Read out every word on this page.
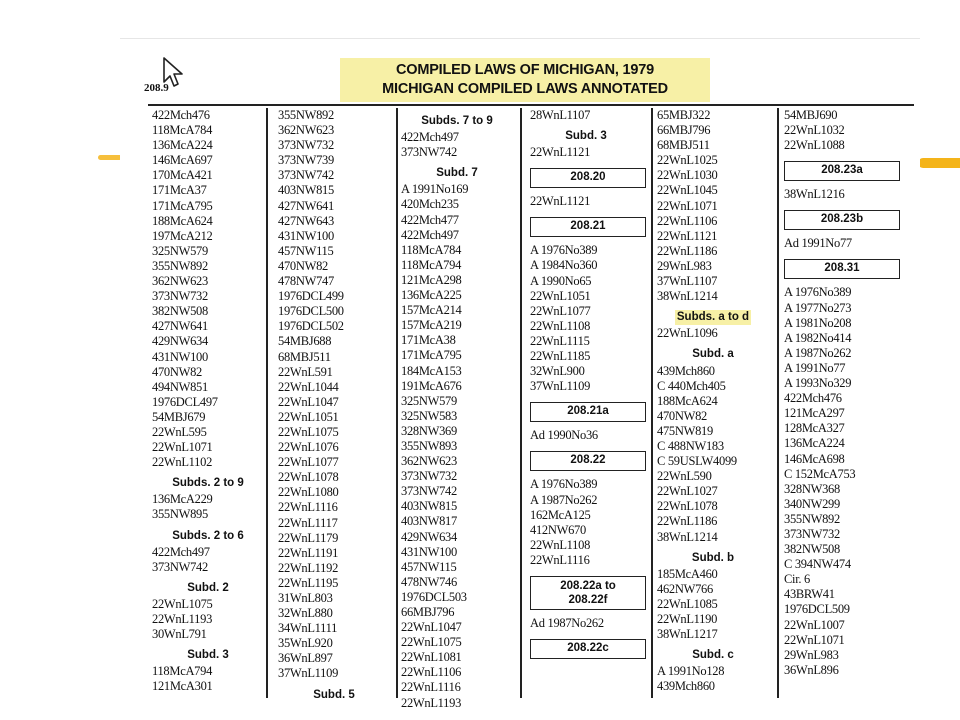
COMPILED LAWS OF MICHIGAN, 1979
MICHIGAN COMPILED LAWS ANNOTATED
208.9
422Mch476
118McA784
136McA224
146McA697
170McA421
171McA37
171McA795
188McA624
197McA212
325NW579
355NW892
362NW623
373NW732
382NW508
427NW641
429NW634
431NW100
470NW82
494NW851
1976DCL497
54MBJ679
22WnL595
22WnL1071
22WnL1102
Subds. 2 to 9
136McA229
355NW895
Subds. 2 to 6
422Mch497
373NW742
Subd. 2
22WnL1075
22WnL1193
30WnL791
Subd. 3
118McA794
121McA301
355NW892
362NW623
373NW732
373NW739
373NW742
403NW815
427NW641
427NW643
431NW100
457NW115
470NW82
478NW747
1976DCL499
1976DCL500
1976DCL502
54MBJ688
68MBJ511
22WnL591
22WnL1044
22WnL1047
22WnL1051
22WnL1075
22WnL1076
22WnL1077
22WnL1078
22WnL1080
22WnL1116
22WnL1117
22WnL1179
22WnL1191
22WnL1192
22WnL1195
31WnL803
32WnL880
34WnL1111
35WnL920
36WnL897
37WnL1109
Subd. 5
Subds. 7 to 9
422Mch497
373NW742
Subd. 7
A 1991No169
420Mch235
422Mch477
422Mch497
118McA784
118McA794
121McA298
136McA225
157McA214
157McA219
171McA38
171McA795
184McA153
191McA676
325NW579
325NW583
328NW369
355NW893
362NW623
373NW732
373NW742
403NW815
403NW817
429NW634
431NW100
457NW115
478NW746
1976DCL503
66MBJ796
22WnL1047
22WnL1075
22WnL1081
22WnL1106
22WnL1116
22WnL1193
28WnL1107
Subd. 3
22WnL1121
208.20
22WnL1121
208.21
A 1976No389
A 1984No360
A 1990No65
22WnL1051
22WnL1077
22WnL1108
22WnL1115
22WnL1185
32WnL900
37WnL1109
208.21a
Ad 1990No36
208.22
A 1976No389
A 1987No262
162McA125
412NW670
22WnL1108
22WnL1116
208.22a to
208.22f
Ad 1987No262
208.22c
65MBJ322
66MBJ796
68MBJ511
22WnL1025
22WnL1030
22WnL1045
22WnL1071
22WnL1106
22WnL1121
22WnL1186
29WnL983
37WnL1107
38WnL1214
Subds. a to d
22WnL1096
Subd. a
439Mch860
C 440Mch405
188McA624
470NW82
475NW819
C 488NW183
C 59USLW4099
22WnL590
22WnL1027
22WnL1078
22WnL1186
38WnL1214
Subd. b
185McA460
462NW766
22WnL1085
22WnL1190
38WnL1217
Subd. c
A 1991No128
439Mch860
54MBJ690
22WnL1032
22WnL1088
208.23a
38WnL1216
208.23b
Ad 1991No77
208.31
A 1976No389
A 1977No273
A 1981No208
A 1982No414
A 1987No262
A 1991No77
A 1993No329
422Mch476
121McA297
128McA327
136McA224
146McA698
C 152McA753
328NW368
340NW299
355NW892
373NW732
382NW508
C 394NW474
Cir. 6
43BRW41
1976DCL509
22WnL1007
22WnL1071
29WnL983
36WnL896
